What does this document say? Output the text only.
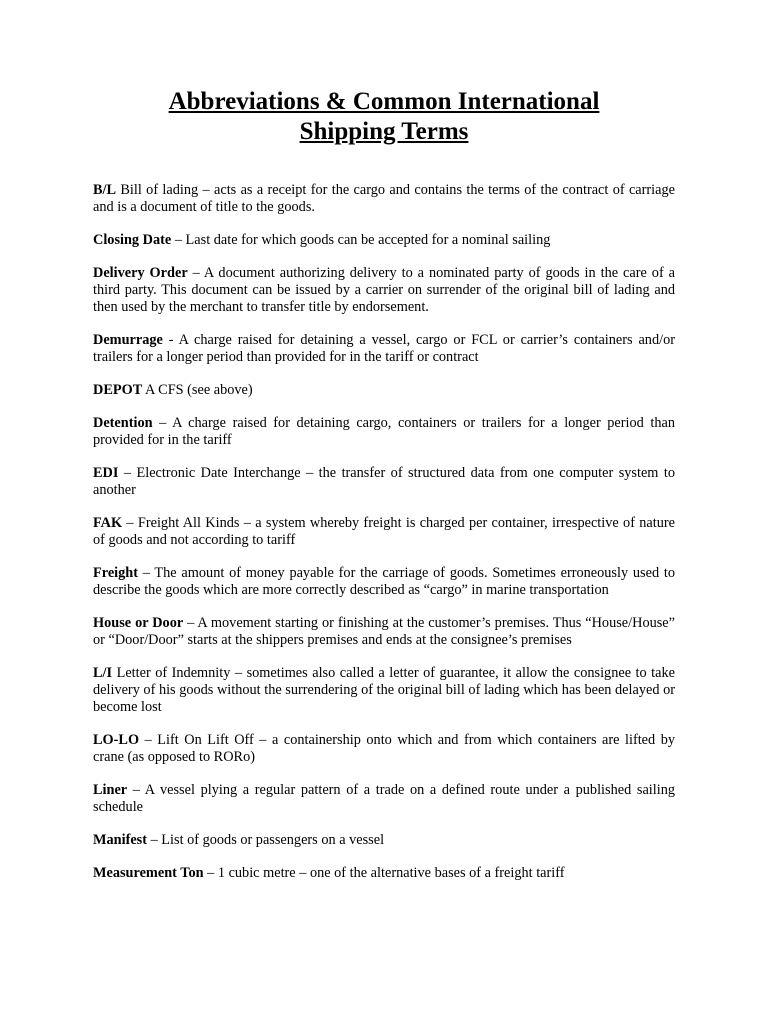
Abbreviations & Common International
Shipping Terms

B/L Bill of lading – acts as a receipt for the cargo and contains the terms of the contract of carriage and is a document of title to the goods.

Closing Date – Last date for which goods can be accepted for a nominal sailing

Delivery Order – A document authorizing delivery to a nominated party of goods in the care of a third party. This document can be issued by a carrier on surrender of the original bill of lading and then used by the merchant to transfer title by endorsement.

Demurrage - A charge raised for detaining a vessel, cargo or FCL or carrier’s containers and/or trailers for a longer period than provided for in the tariff or contract

DEPOT A CFS (see above)

Detention – A charge raised for detaining cargo, containers or trailers for a longer period than provided for in the tariff

EDI – Electronic Date Interchange – the transfer of structured data from one computer system to another

FAK – Freight All Kinds – a system whereby freight is charged per container, irrespective of nature of goods and not according to tariff

Freight – The amount of money payable for the carriage of goods. Sometimes erroneously used to describe the goods which are more correctly described as “cargo” in marine transportation

House or Door – A movement starting or finishing at the customer’s premises. Thus “House/House” or “Door/Door” starts at the shippers premises and ends at the consignee’s premises

L/I Letter of Indemnity – sometimes also called a letter of guarantee, it allow the consignee to take delivery of his goods without the surrendering of the original bill of lading which has been delayed or become lost

LO-LO – Lift On Lift Off – a containership onto which and from which containers are lifted by crane (as opposed to RORo)

Liner – A vessel plying a regular pattern of a trade on a defined route under a published sailing schedule

Manifest – List of goods or passengers on a vessel

Measurement Ton – 1 cubic metre – one of the alternative bases of a freight tariff
